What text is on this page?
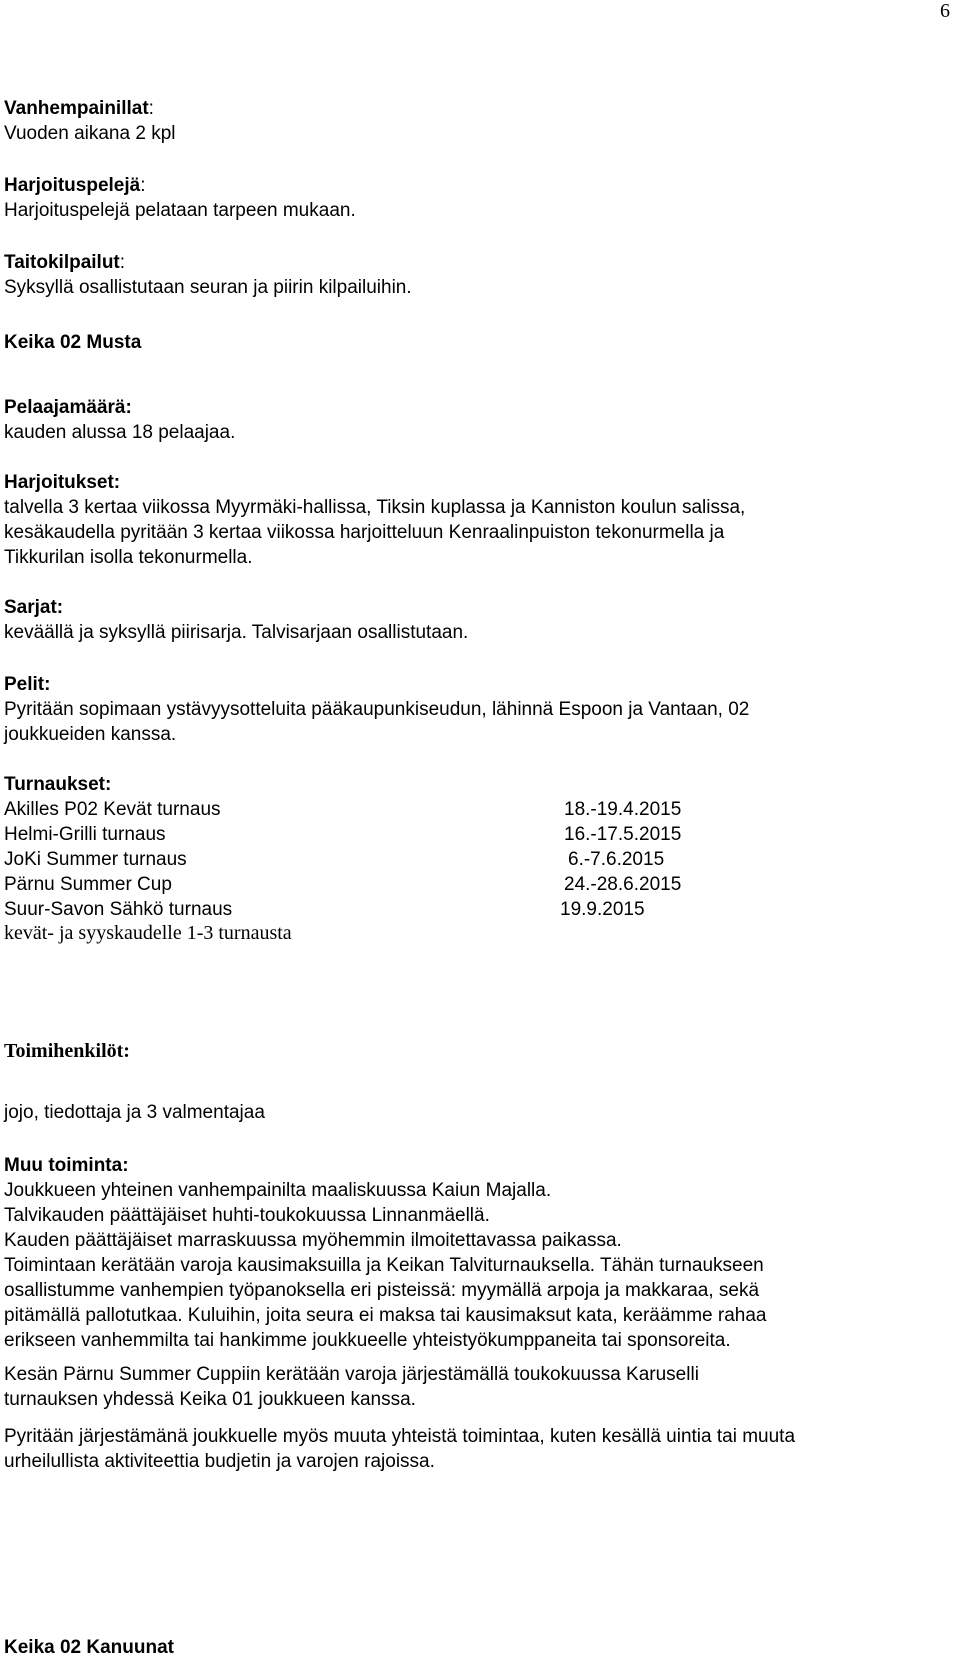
6
Vanhempainillat:
Vuoden aikana 2 kpl
Harjoituspelejä:
Harjoituspelejä pelataan tarpeen mukaan.
Taitokilpailut:
Syksyllä osallistutaan seuran ja piirin kilpailuihin.
Keika 02 Musta
Pelaajamäärä:
kauden alussa 18 pelaajaa.
Harjoitukset:
talvella 3 kertaa viikossa Myyrmäki-hallissa, Tiksin kuplassa ja Kanniston koulun salissa,
kesäkaudella pyritään 3 kertaa viikossa harjoitteluun Kenraalinpuiston tekonurmella ja
Tikkurilan isolla tekonurmella.
Sarjat:
keväällä ja syksyllä piirisarja. Talvisarjaan osallistutaan.
Pelit:
Pyritään sopimaan ystävyysotteluita pääkaupunkiseudun, lähinnä Espoon ja Vantaan, 02
joukkueiden kanssa.
Turnaukset:
Akilles P02 Kevät turnaus	18.-19.4.2015
Helmi-Grilli turnaus	16.-17.5.2015
JoKi Summer turnaus	6.-7.6.2015
Pärnu Summer Cup	24.-28.6.2015
Suur-Savon Sähkö turnaus	19.9.2015
kevät- ja syyskaudelle 1-3 turnausta
Toimihenkilöt:
jojo, tiedottaja ja 3 valmentajaa
Muu toiminta:
Joukkueen yhteinen vanhempainilta maaliskuussa Kaiun Majalla.
Talvikauden päättäjäiset huhti-toukokuussa Linnanmäellä.
Kauden päättäjäiset marraskuussa myöhemmin ilmoitettavassa paikassa.
Toimintaan kerätään varoja kausimaksuilla ja Keikan Talviturnauksella. Tähän turnaukseen
osallistumme vanhempien työpanoksella eri pisteissä: myymällä arpoja ja makkaraa, sekä
pitämällä pallotutkaa. Kuluihin, joita seura ei maksa tai kausimaksut kata, keräämme rahaa
erikseen vanhemmilta tai hankimme joukkueelle yhteistyökumppaneita tai sponsoreita.
Kesän Pärnu Summer Cuppiin kerätään varoja järjestämällä toukokuussa Karuselli
turnauksen yhdessä Keika 01 joukkueen kanssa.
Pyritään järjestämänä joukkuelle myös muuta yhteistä toimintaa, kuten kesällä uintia tai muuta
urheilullista aktiviteettia budjetin ja varojen rajoissa.
Keika 02 Kanuunat
